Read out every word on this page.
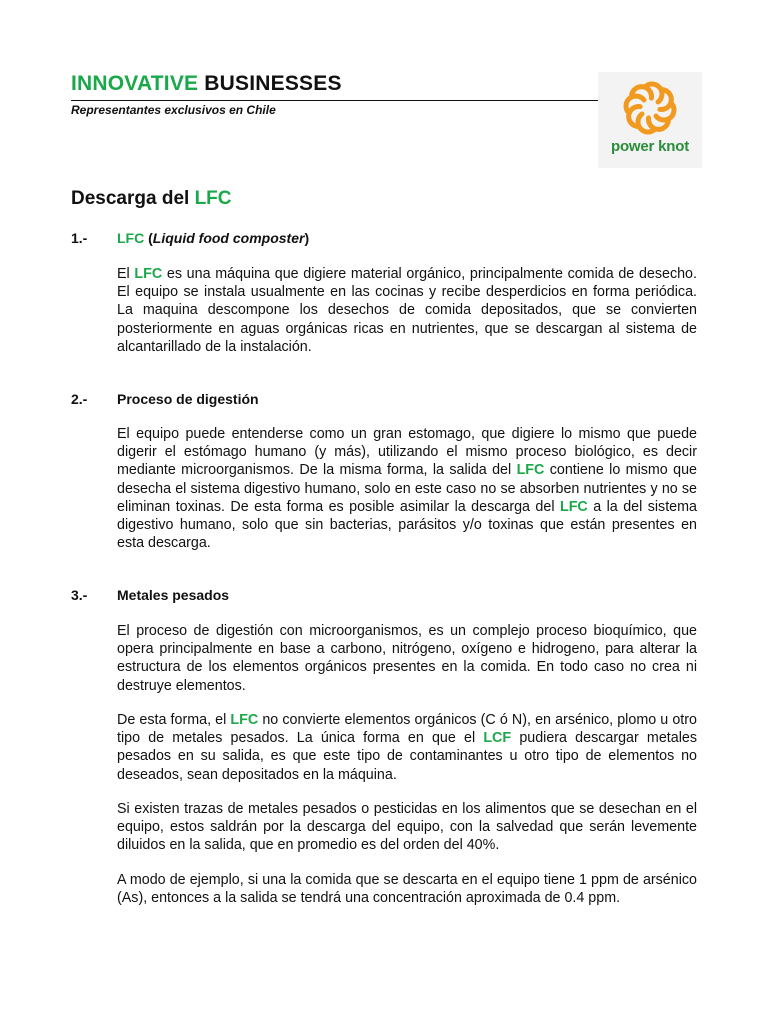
INNOVATIVE BUSINESSES
Representantes exclusivos en Chile
power knot
Descarga del LFC
1.- LFC (Liquid food composter)

El LFC es una máquina que digiere material orgánico, principalmente comida de desecho. El equipo se instala usualmente en las cocinas y recibe desperdicios en forma periódica. La maquina descompone los desechos de comida depositados, que se convierten posteriormente en aguas orgánicas ricas en nutrientes, que se descargan al sistema de alcantarillado de la instalación.

2.- Proceso de digestión

El equipo puede entenderse como un gran estomago, que digiere lo mismo que puede digerir el estómago humano (y más), utilizando el mismo proceso biológico, es decir mediante microorganismos. De la misma forma, la salida del LFC contiene lo mismo que desecha el sistema digestivo humano, solo en este caso no se absorben nutrientes y no se eliminan toxinas. De esta forma es posible asimilar la descarga del LFC a la del sistema digestivo humano, solo que sin bacterias, parásitos y/o toxinas que están presentes en esta descarga.

3.- Metales pesados

El proceso de digestión con microorganismos, es un complejo proceso bioquímico, que opera principalmente en base a carbono, nitrógeno, oxígeno e hidrogeno, para alterar la estructura de los elementos orgánicos presentes en la comida. En todo caso no crea ni destruye elementos.

De esta forma, el LFC no convierte elementos orgánicos (C ó N), en arsénico, plomo u otro tipo de metales pesados. La única forma en que el LCF pudiera descargar metales pesados en su salida, es que este tipo de contaminantes u otro tipo de elementos no deseados, sean depositados en la máquina.

Si existen trazas de metales pesados o pesticidas en los alimentos que se desechan en el equipo, estos saldrán por la descarga del equipo, con la salvedad que serán levemente diluidos en la salida, que en promedio es del orden del 40%.

A modo de ejemplo, si una la comida que se descarta en el equipo tiene 1 ppm de arsénico (As), entonces a la salida se tendrá una concentración aproximada de 0.4 ppm.
